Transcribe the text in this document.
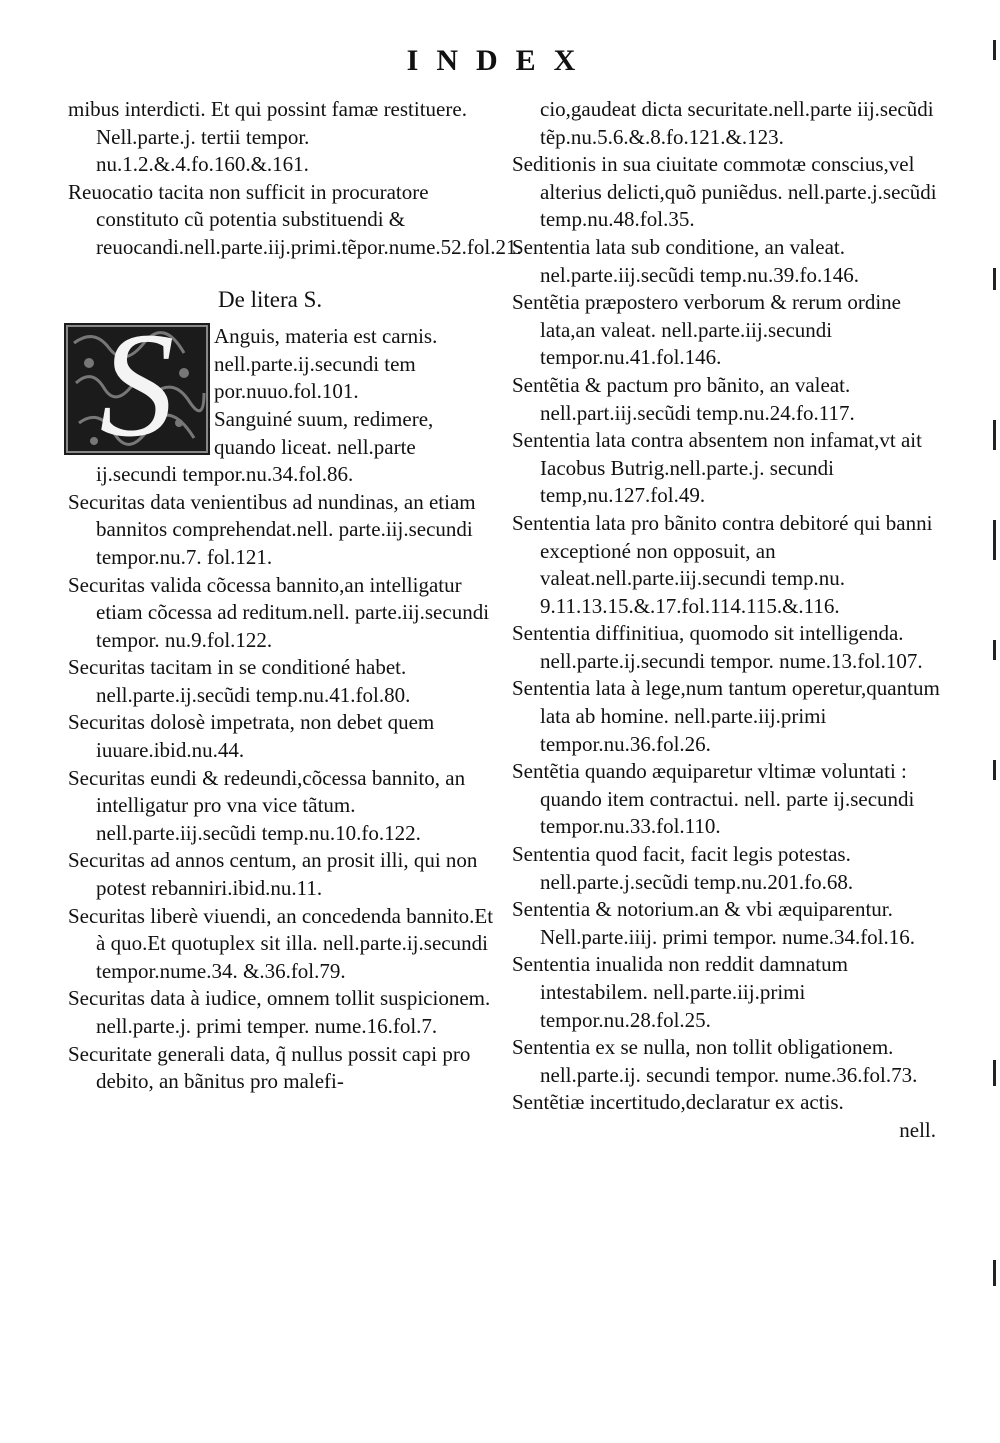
INDEX

mibus interdicti. Et qui possint famæ restituere. Nell.parte.j. tertii tempor. nu.1.2.&.4.fo.160.&.161.

Reuocatio tacita non sufficit in procuratore constituto cũ potentia substituendi & reuocandi.nell.parte.iij.primi.tẽpor.nume.52.fol.21.

De litera S.

S	Anguis, materia est carnis.
nell.parte.ij.secundi tem
por.nuuo.fol.101.
Sanguiné suum, redimere,
quando liceat. nell.parte
ij.secundi tempor.nu.34.fol.86.

Securitas data venientibus ad nundinas, an etiam bannitos comprehendat.nell. parte.iij.secundi tempor.nu.7. fol.121.

Securitas valida cõcessa bannito,an intelligatur etiam cõcessa ad reditum.nell. parte.iij.secundi tempor. nu.9.fol.122.

Securitas tacitam in se conditioné habet. nell.parte.ij.secũdi temp.nu.41.fol.80.

Securitas dolosè impetrata, non debet quem iuuare.ibid.nu.44.

Securitas eundi & redeundi,cõcessa bannito, an intelligatur pro vna vice tãtum. nell.parte.iij.secũdi temp.nu.10.fo.122.

Securitas ad annos centum, an prosit illi, qui non potest rebanniri.ibid.nu.11.

Securitas liberè viuendi, an concedenda bannito.Et à quo.Et quotuplex sit illa. nell.parte.ij.secundi tempor.nume.34. &.36.fol.79.

Securitas data à iudice, omnem tollit suspicionem. nell.parte.j. primi temper. nume.16.fol.7.

Securitate generali data, q̃ nullus possit capi pro debito, an bãnitus pro malefi-

cio,gaudeat dicta securitate.nell.parte iij.secũdi tẽp.nu.5.6.&.8.fo.121.&.123.

Seditionis in sua ciuitate commotæ conscius,vel alterius delicti,quõ puniẽdus. nell.parte.j.secũdi temp.nu.48.fol.35.

Sententia lata sub conditione, an valeat. nel.parte.iij.secũdi temp.nu.39.fo.146.

Sentẽtia præpostero verborum & rerum ordine lata,an valeat. nell.parte.iij.secundi tempor.nu.41.fol.146.

Sentẽtia & pactum pro bãnito, an valeat. nell.part.iij.secũdi temp.nu.24.fo.117.

Sententia lata contra absentem non infamat,vt ait Iacobus Butrig.nell.parte.j. secundi temp,nu.127.fol.49.

Sententia lata pro bãnito contra debitoré qui banni exceptioné non opposuit, an valeat.nell.parte.iij.secundi temp.nu. 9.11.13.15.&.17.fol.114.115.&.116.

Sententia diffinitiua, quomodo sit intelligenda. nell.parte.ij.secundi tempor. nume.13.fol.107.

Sententia lata à lege,num tantum operetur,quantum lata ab homine. nell.parte.iij.primi tempor.nu.36.fol.26.

Sentẽtia quando æquiparetur vltimæ voluntati : quando item contractui. nell. parte ij.secundi tempor.nu.33.fol.110.

Sententia quod facit, facit legis potestas. nell.parte.j.secũdi temp.nu.201.fo.68.

Sententia & notorium.an & vbi æquiparentur. Nell.parte.iiij. primi tempor. nume.34.fol.16.

Sententia inualida non reddit damnatum intestabilem. nell.parte.iij.primi tempor.nu.28.fol.25.

Sententia ex se nulla, non tollit obligationem. nell.parte.ij. secundi tempor. nume.36.fol.73.

Sentẽtiæ incertitudo,declaratur ex actis.

nell.
